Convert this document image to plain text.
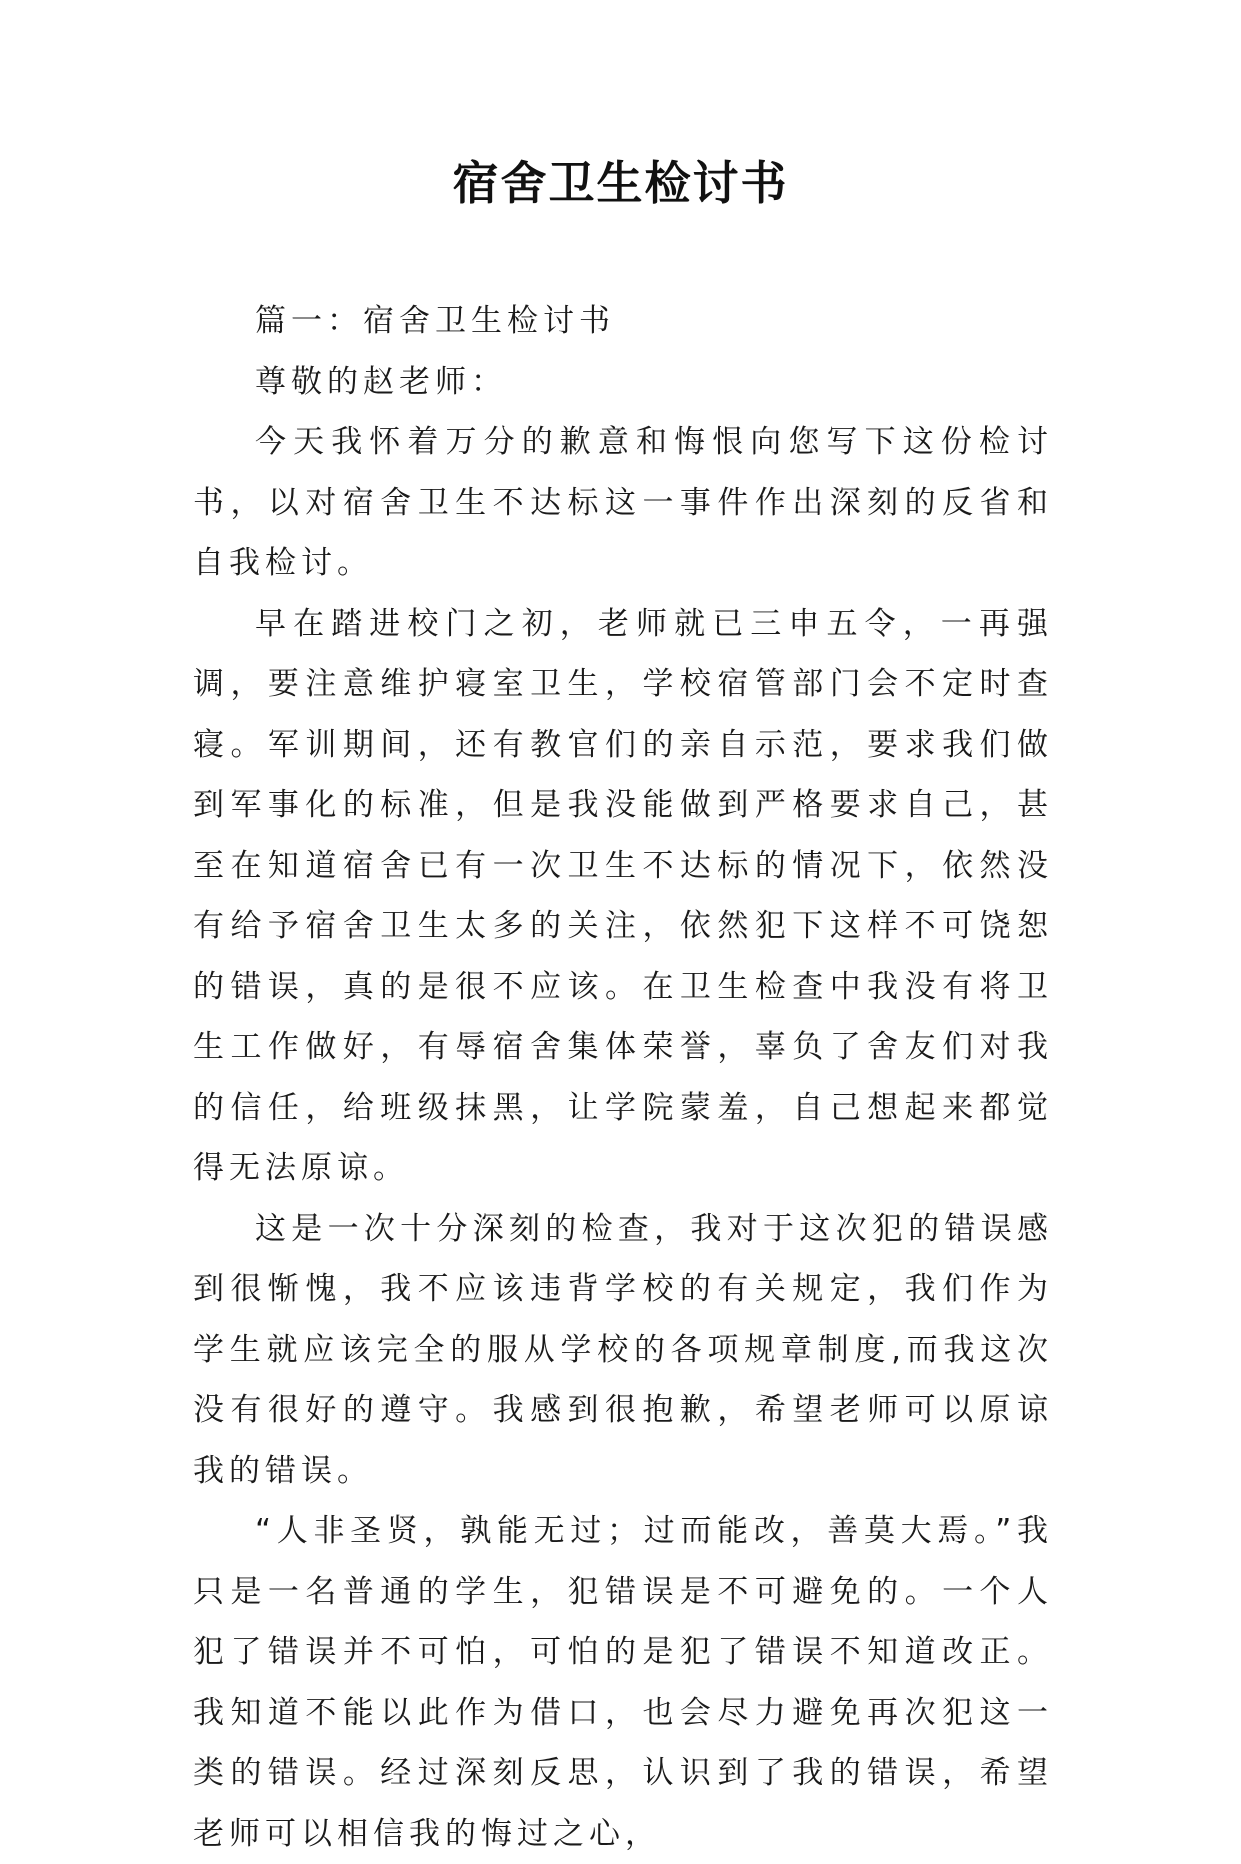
宿舍卫生检讨书

篇一：宿舍卫生检讨书

尊敬的赵老师：

今天我怀着万分的歉意和悔恨向您写下这份检讨书，以对宿舍卫生不达标这一事件作出深刻的反省和自我检讨。

早在踏进校门之初，老师就已三申五令，一再强调，要注意维护寝室卫生，学校宿管部门会不定时查寝。军训期间，还有教官们的亲自示范，要求我们做到军事化的标准，但是我没能做到严格要求自己，甚至在知道宿舍已有一次卫生不达标的情况下，依然没有给予宿舍卫生太多的关注，依然犯下这样不可饶恕的错误，真的是很不应该。在卫生检查中我没有将卫生工作做好，有辱宿舍集体荣誉，辜负了舍友们对我的信任，给班级抹黑，让学院蒙羞，自己想起来都觉得无法原谅。

这是一次十分深刻的检查，我对于这次犯的错误感到很惭愧，我不应该违背学校的有关规定，我们作为学生就应该完全的服从学校的各项规章制度,而我这次没有很好的遵守。我感到很抱歉，希望老师可以原谅我的错误。

“人非圣贤，孰能无过；过而能改，善莫大焉。”我只是一名普通的学生，犯错误是不可避免的。一个人犯了错误并不可怕，可怕的是犯了错误不知道改正。我知道不能以此作为借口，也会尽力避免再次犯这一类的错误。经过深刻反思，认识到了我的错误，希望老师可以相信我的悔过之心，
